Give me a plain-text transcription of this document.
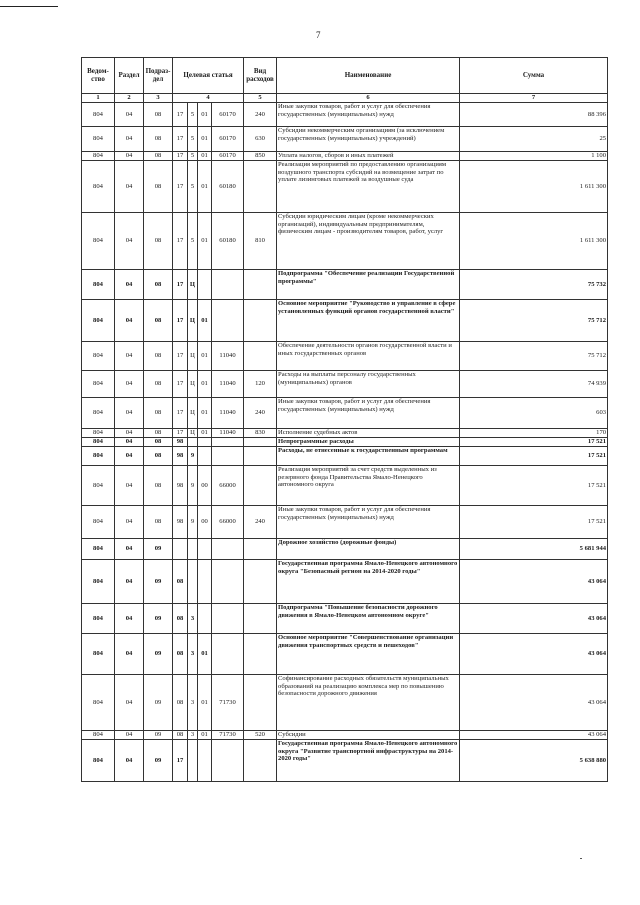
7
Ведом-ство	Раздел	Подраз-дел	Целевая статья				Вид расходов	Наименование	Сумма
1	2	3	4				5	6	7
804	04	08	17	5	01	60170	240	Иные закупки товаров, работ и услуг для обеспечения государственных (муниципальных) нужд	88 396
804	04	08	17	5	01	60170	630	Субсидии некоммерческим организациям (за исключением государственных (муниципальных) учреждений)	25
804	04	08	17	5	01	60170	850	Уплата налогов, сборов и иных платежей	1 100
804	04	08	17	5	01	60180		Реализация мероприятий по предоставлению организациям воздушного транспорта субсидий на возмещение затрат по уплате лизинговых платежей за воздушные суда	1 611 300
804	04	08	17	5	01	60180	810	Субсидии юридическим лицам (кроме некоммерческих организаций), индивидуальным предпринимателям, физическим лицам - производителям товаров, работ, услуг	1 611 300
804	04	08	17	Ц				Подпрограмма "Обеспечение реализации Государственной программы"	75 732
804	04	08	17	Ц	01			Основное мероприятие "Руководство и управление в сфере установленных функций органов государственной власти"	75 712
804	04	08	17	Ц	01	11040		Обеспечение деятельности органов государственной власти и иных государственных органов	75 712
804	04	08	17	Ц	01	11040	120	Расходы на выплаты персоналу государственных (муниципальных) органов	74 939
804	04	08	17	Ц	01	11040	240	Иные закупки товаров, работ и услуг для обеспечения государственных (муниципальных) нужд	603
804	04	08	17	Ц	01	11040	830	Исполнение судебных актов	170
804	04	08	98					Непрограммные расходы	17 521
804	04	08	98	9				Расходы, не отнесенные к государственным программам	17 521
804	04	08	98	9	00	66000		Реализация мероприятий за счет средств выделенных из резервного фонда Правительства Ямало-Ненецкого автономного округа	17 521
804	04	08	98	9	00	66000	240	Иные закупки товаров, работ и услуг для обеспечения государственных (муниципальных) нужд	17 521
804	04	09						Дорожное хозяйство (дорожные фонды)	5 681 944
804	04	09	08					Государственная программа Ямало-Ненецкого автономного округа "Безопасный регион на 2014-2020 годы"	43 064
804	04	09	08	3				Подпрограмма "Повышение безопасности дорожного движения в Ямало-Ненецком автономном округе"	43 064
804	04	09	08	3	01			Основное мероприятие "Совершенствование организации движения транспортных средств и пешеходов"	43 064
804	04	09	08	3	01	71730		Софинансирование расходных обязательств муниципальных образований на реализацию комплекса мер по повышению безопасности дорожного движения	43 064
804	04	09	08	3	01	71730	520	Субсидии	43 064
804	04	09	17					Государственная программа Ямало-Ненецкого автономного округа "Развитие транспортной инфраструктуры на 2014-2020 годы"	5 638 880
